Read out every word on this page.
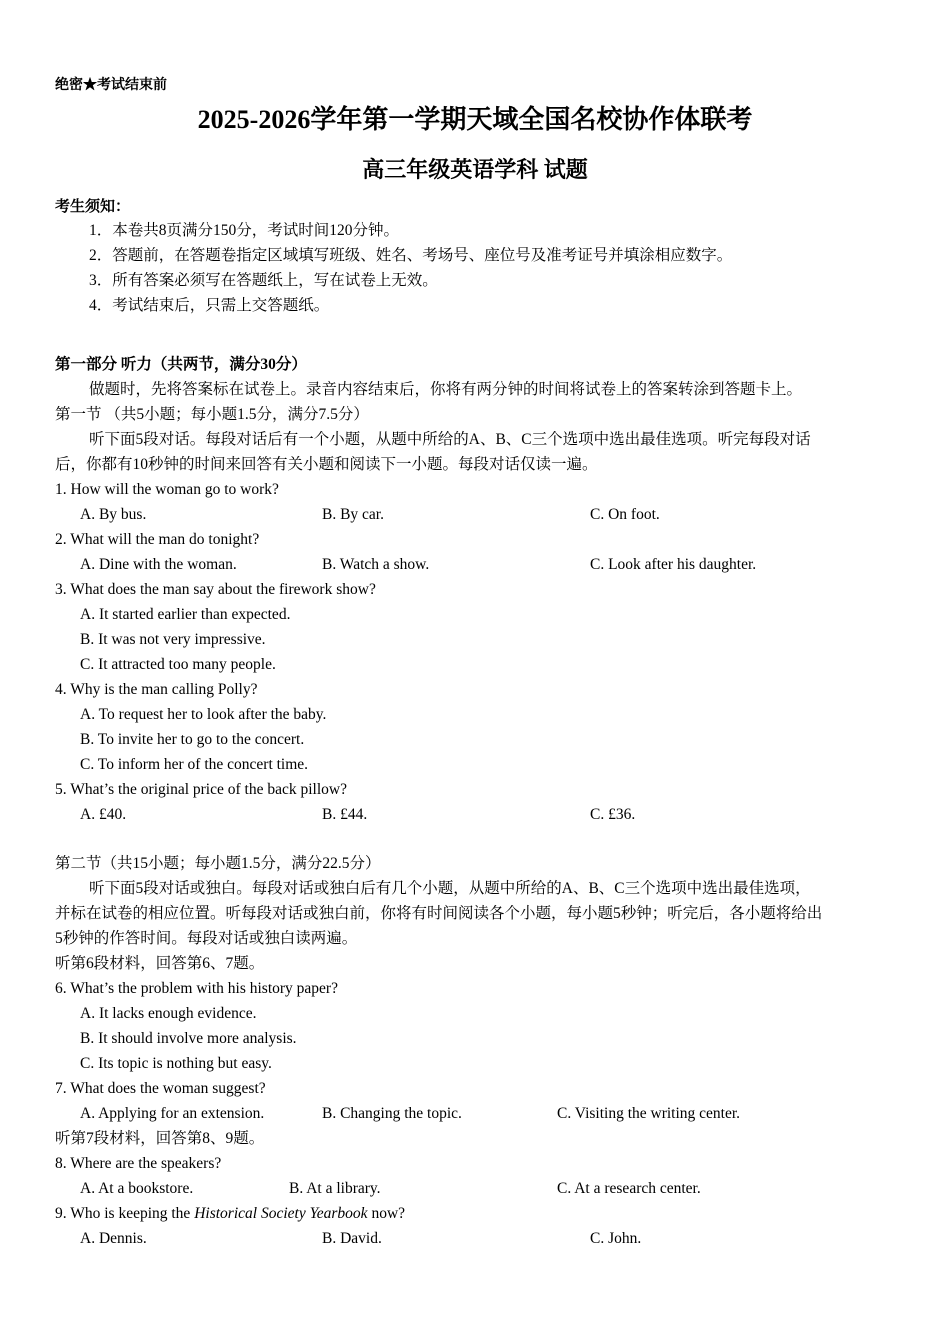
绝密★考试结束前
2025-2026学年第一学期天域全国名校协作体联考
高三年级英语学科 试题
考生须知：
1．本卷共8页满分150分，考试时间120分钟。
2．答题前，在答题卷指定区域填写班级、姓名、考场号、座位号及准考证号并填涂相应数字。
3．所有答案必须写在答题纸上，写在试卷上无效。
4．考试结束后，只需上交答题纸。
第一部分 听力（共两节，满分30分）
做题时，先将答案标在试卷上。录音内容结束后，你将有两分钟的时间将试卷上的答案转涂到答题卡上。
第一节 （共5小题；每小题1.5分，满分7.5分）
听下面5段对话。每段对话后有一个小题，从题中所给的A、B、C三个选项中选出最佳选项。听完每段对话
后，你都有10秒钟的时间来回答有关小题和阅读下一小题。每段对话仅读一遍。
1. How will the woman go to work?
A. By bus.	B. By car.	C. On foot.
2. What will the man do tonight?
A. Dine with the woman.	B. Watch a show.	C. Look after his daughter.
3. What does the man say about the firework show?
A. It started earlier than expected.
B. It was not very impressive.
C. It attracted too many people.
4. Why is the man calling Polly?
A. To request her to look after the baby.
B. To invite her to go to the concert.
C. To inform her of the concert time.
5. What’s the original price of the back pillow?
A. £40.	B. £44.	C. £36.
第二节（共15小题；每小题1.5分，满分22.5分）
听下面5段对话或独白。每段对话或独白后有几个小题，从题中所给的A、B、C三个选项中选出最佳选项，
并标在试卷的相应位置。听每段对话或独白前，你将有时间阅读各个小题，每小题5秒钟；听完后，各小题将给出
5秒钟的作答时间。每段对话或独白读两遍。
听第6段材料，回答第6、7题。
6. What’s the problem with his history paper?
A. It lacks enough evidence.
B. It should involve more analysis.
C. Its topic is nothing but easy.
7. What does the woman suggest?
A. Applying for an extension.	B. Changing the topic.	C. Visiting the writing center.
听第7段材料，回答第8、9题。
8. Where are the speakers?
A. At a bookstore.	B. At a library.	C. At a research center.
9. Who is keeping the Historical Society Yearbook now?
A. Dennis.	B. David.	C. John.
